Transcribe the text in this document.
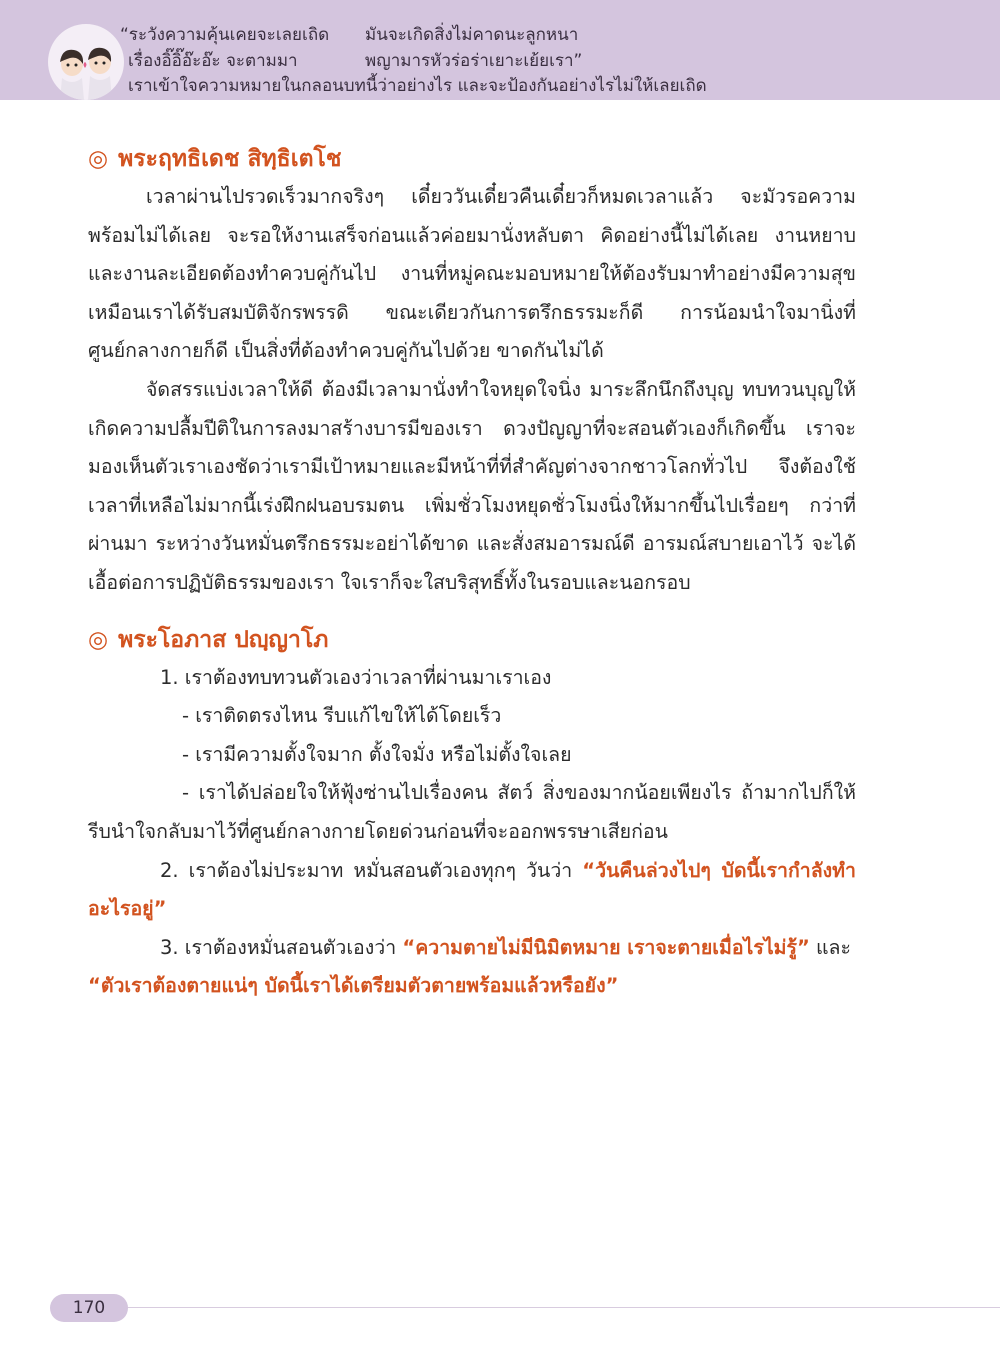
“ระวังความคุ้นเคยจะเลยเถิด มันจะเกิดสิ่งไม่คาดนะลูกหนา
เรื่องอิ๊อิ๊อ๊ะอ๊ะ จะตามมา	พญามารหัวร่อร่าเยาะเย้ยเรา”
เราเข้าใจความหมายในกลอนบทนี้ว่าอย่างไร และจะป้องกันอย่างไรไม่ให้เลยเถิด

◎ พระฤทธิเดช สิทฺธิเตโช

เวลาผ่านไปรวดเร็วมากจริงๆ เดี๋ยววันเดี๋ยวคืนเดี๋ยวก็หมดเวลาแล้ว จะมัวรอความพร้อมไม่ได้เลย จะรอให้งานเสร็จก่อนแล้วค่อยมานั่งหลับตา คิดอย่างนี้ไม่ได้เลย งานหยาบและงานละเอียดต้องทำควบคู่กันไป งานที่หมู่คณะมอบหมายให้ต้องรับมาทำอย่างมีความสุข เหมือนเราได้รับสมบัติจักรพรรดิ ขณะเดียวกันการตรึกธรรมะก็ดี การน้อมนำใจมานิ่งที่ศูนย์กลางกายก็ดี เป็นสิ่งที่ต้องทำควบคู่กันไปด้วย ขาดกันไม่ได้

จัดสรรแบ่งเวลาให้ดี ต้องมีเวลามานั่งทำใจหยุดใจนิ่ง มาระลึกนึกถึงบุญ ทบทวนบุญให้เกิดความปลื้มปีติในการลงมาสร้างบารมีของเรา ดวงปัญญาที่จะสอนตัวเองก็เกิดขึ้น เราจะมองเห็นตัวเราเองชัดว่าเรามีเป้าหมายและมีหน้าที่ที่สำคัญต่างจากชาวโลกทั่วไป จึงต้องใช้เวลาที่เหลือไม่มากนี้เร่งฝึกฝนอบรมตน เพิ่มชั่วโมงหยุดชั่วโมงนิ่งให้มากขึ้นไปเรื่อยๆ กว่าที่ผ่านมา ระหว่างวันหมั่นตรึกธรรมะอย่าได้ขาด และสั่งสมอารมณ์ดี อารมณ์สบายเอาไว้ จะได้เอื้อต่อการปฏิบัติธรรมของเรา ใจเราก็จะใสบริสุทธิ์ทั้งในรอบและนอกรอบ

◎ พระโอภาส ปญฺญาโภ

1. เราต้องทบทวนตัวเองว่าเวลาที่ผ่านมาเราเอง

- เราติดตรงไหน รีบแก้ไขให้ได้โดยเร็ว

- เรามีความตั้งใจมาก ตั้งใจมั่ง หรือไม่ตั้งใจเลย

- เราได้ปล่อยใจให้ฟุ้งซ่านไปเรื่องคน สัตว์ สิ่งของมากน้อยเพียงไร ถ้ามากไปก็ให้รีบนำใจกลับมาไว้ที่ศูนย์กลางกายโดยด่วนก่อนที่จะออกพรรษาเสียก่อน

2. เราต้องไม่ประมาท หมั่นสอนตัวเองทุกๆ วันว่า “วันคืนล่วงไปๆ บัดนี้เรากำลังทำอะไรอยู่”

3. เราต้องหมั่นสอนตัวเองว่า “ความตายไม่มีนิมิตหมาย เราจะตายเมื่อไรไม่รู้” และ “ตัวเราต้องตายแน่ๆ บัดนี้เราได้เตรียมตัวตายพร้อมแล้วหรือยัง”

170
